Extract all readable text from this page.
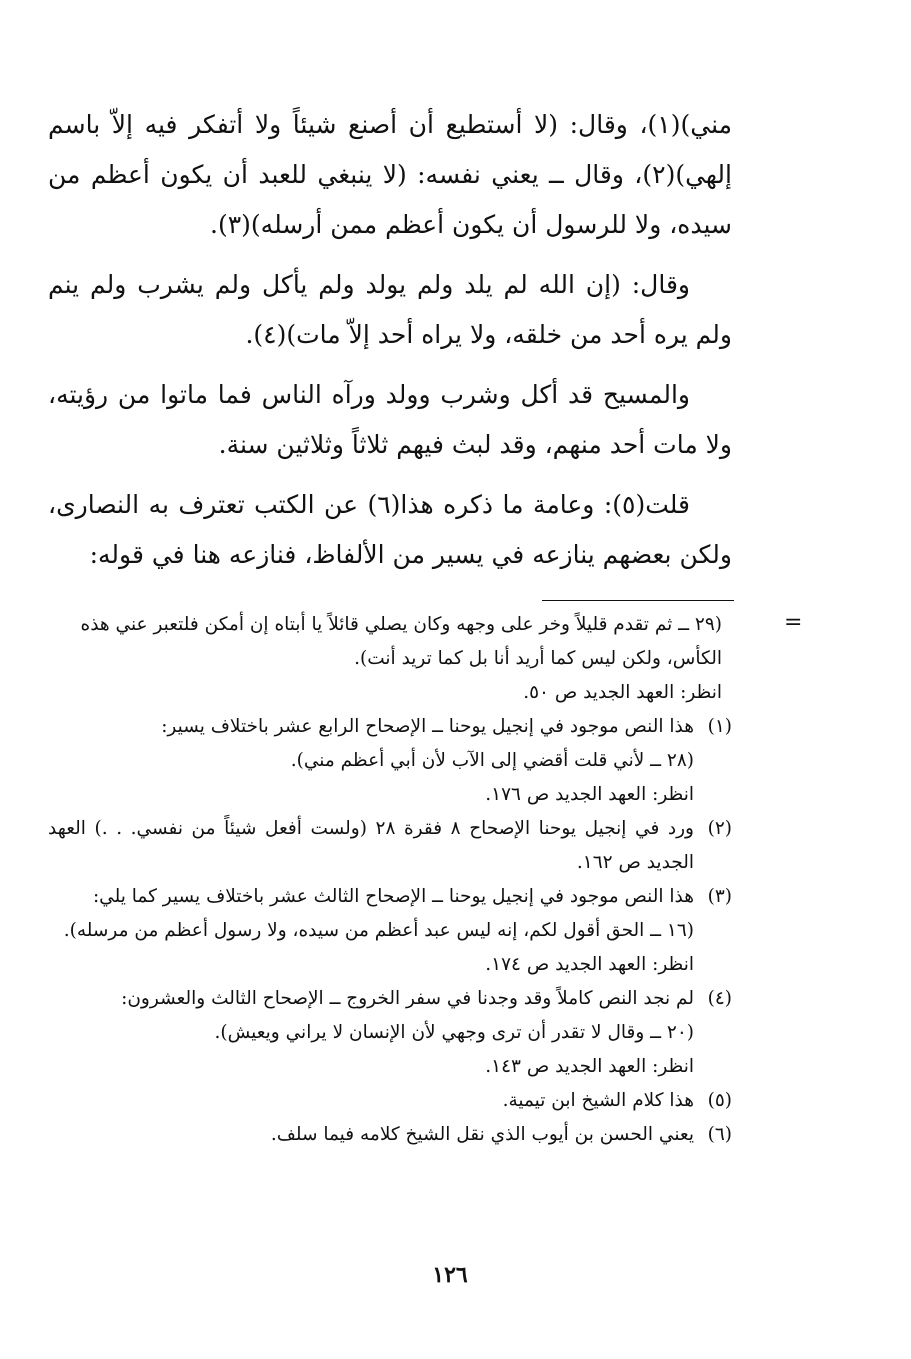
مني)(١)، وقال: (لا أستطيع أن أصنع شيئاً ولا أتفكر فيه إلاّ باسم إلهي)(٢)، وقال ــ يعني نفسه: (لا ينبغي للعبد أن يكون أعظم من سيده، ولا للرسول أن يكون أعظم ممن أرسله)(٣).

وقال: (إن الله لم يلد ولم يولد ولم يأكل ولم يشرب ولم ينم ولم يره أحد من خلقه، ولا يراه أحد إلاّ مات)(٤).

والمسيح قد أكل وشرب وولد ورآه الناس فما ماتوا من رؤيته، ولا مات أحد منهم، وقد لبث فيهم ثلاثاً وثلاثين سنة.

قلت(٥): وعامة ما ذكره هذا(٦) عن الكتب تعترف به النصارى، ولكن بعضهم ينازعه في يسير من الألفاظ، فنازعه هنا في قوله:

=
(٢٩ ــ ثم تقدم قليلاً وخر على وجهه وكان يصلي قائلاً يا أبتاه إن أمكن فلتعبر عني هذه الكأس، ولكن ليس كما أريد أنا بل كما تريد أنت).
انظر: العهد الجديد ص ٥٠.
(١)
هذا النص موجود في إنجيل يوحنا ــ الإصحاح الرابع عشر باختلاف يسير:
(٢٨ ــ لأني قلت أقضي إلى الآب لأن أبي أعظم مني).
انظر: العهد الجديد ص ١٧٦.
(٢)
ورد في إنجيل يوحنا الإصحاح ٨ فقرة ٢٨ (ولست أفعل شيئاً من نفسي. . .) العهد الجديد ص ١٦٢.
(٣)
هذا النص موجود في إنجيل يوحنا ــ الإصحاح الثالث عشر باختلاف يسير كما يلي:
(١٦ ــ الحق أقول لكم، إنه ليس عبد أعظم من سيده، ولا رسول أعظم من مرسله).
انظر: العهد الجديد ص ١٧٤.
(٤)
لم نجد النص كاملاً وقد وجدنا في سفر الخروج ــ الإصحاح الثالث والعشرون:
(٢٠ ــ وقال لا تقدر أن ترى وجهي لأن الإنسان لا يراني ويعيش).
انظر: العهد الجديد ص ١٤٣.
(٥)
هذا كلام الشيخ ابن تيمية.
(٦)
يعني الحسن بن أيوب الذي نقل الشيخ كلامه فيما سلف.
١٢٦
